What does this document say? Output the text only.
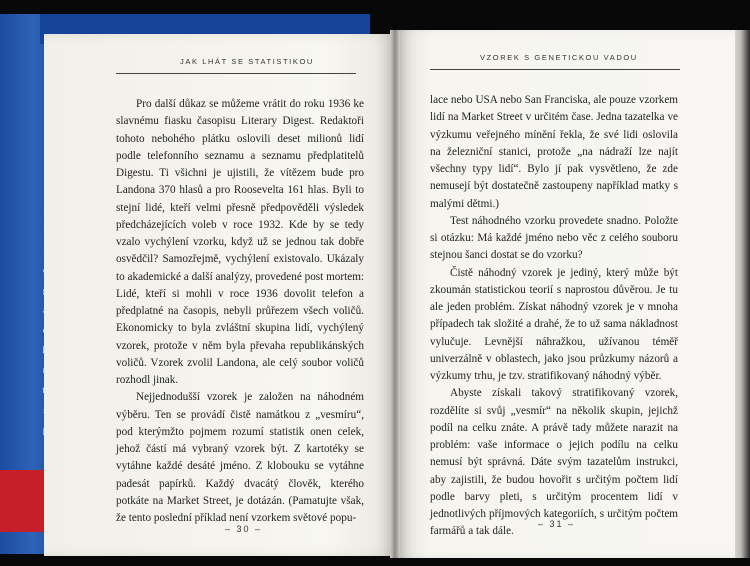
JAK LHÁT SE STATISTIKOU

Pro další důkaz se můžeme vrátit do roku 1936 ke slavnému fiasku časopisu Literary Digest. Redaktoři tohoto nebohého plátku oslovili deset milionů lidí podle telefonního seznamu a seznamu předplatitelů Digestu. Ti všichni je ujistili, že vítězem bude pro Landona 370 hlasů a pro Roosevelta 161 hlas. Byli to stejní lidé, kteří velmi přesně předpověděli výsledek předcházejících voleb v roce 1932. Kde by se tedy vzalo vychýlení vzorku, když už se jednou tak dobře osvědčil? Samozřejmě, vychýlení existovalo. Ukázaly to akademické a další analýzy, provedené post mortem: Lidé, kteří si mohli v roce 1936 dovolit telefon a předplatné na časopis, nebyli průřezem všech voličů. Ekonomicky to byla zvláštní skupina lidí, vychýlený vzorek, protože v něm byla převaha republikánských voličů. Vzorek zvolil Landona, ale celý soubor voličů rozhodl jinak.

Nejjednodušší vzorek je založen na náhodném výběru. Ten se provádí čistě namátkou z „vesmíru“, pod kterýmžto pojmem rozumí statistik onen celek, jehož částí má vybraný vzorek být. Z kartotéky se vytáhne každé desáté jméno. Z klobouku se vytáhne padesát papírků. Každý dvacátý člověk, kterého potkáte na Market Street, je dotázán. (Pamatujte však, že tento poslední příklad není vzorkem světové popu-

– 30 –
VZOREK S GENETICKOU VADOU

lace nebo USA nebo San Franciska, ale pouze vzorkem lidí na Market Street v určitém čase. Jedna tazatelka ve výzkumu veřejného mínění řekla, že své lidi oslovila na železniční stanici, protože „na nádraží lze najít všechny typy lidí“. Bylo jí pak vysvětleno, že zde nemusejí být dostatečně zastoupeny například matky s malými dětmi.)

Test náhodného vzorku provedete snadno. Položte si otázku: Má každé jméno nebo věc z celého souboru stejnou šanci dostat se do vzorku?

Čistě náhodný vzorek je jediný, který může být zkoumán statistickou teorií s naprostou důvěrou. Je tu ale jeden problém. Získat náhodný vzorek je v mnoha případech tak složité a drahé, že to už sama nákladnost vylučuje. Levnější náhražkou, užívanou téměř univerzálně v oblastech, jako jsou průzkumy názorů a výzkumy trhu, je tzv. stratifikovaný náhodný výběr.

Abyste získali takový stratifikovaný vzorek, rozdělíte si svůj „vesmír“ na několik skupin, jejichž podíl na celku znáte. A právě tady můžete narazit na problém: vaše informace o jejich podílu na celku nemusí být správná. Dáte svým tazatelům instrukci, aby zajistili, že budou hovořit s určitým počtem lidí podle barvy pleti, s určitým procentem lidí v jednotlivých příjmových kategoriích, s určitým počtem farmářů a tak dále.

– 31 –
